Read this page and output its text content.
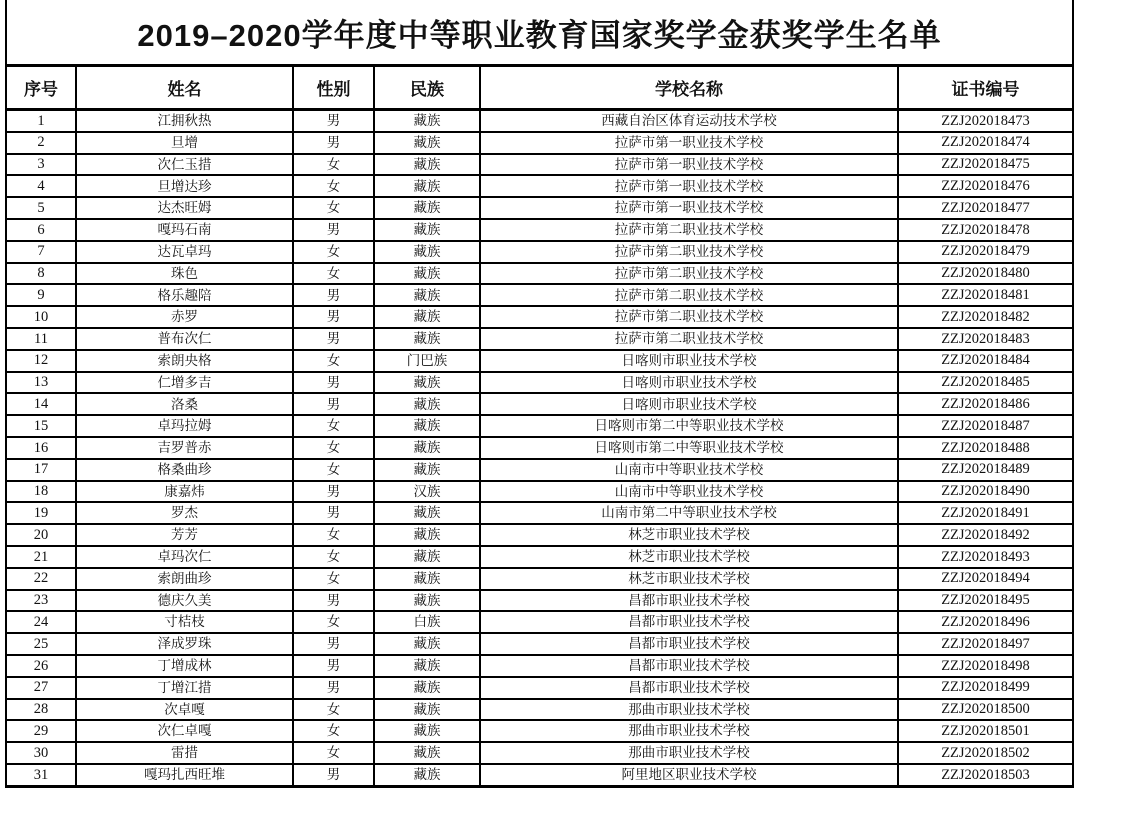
2019–2020学年度中等职业教育国家奖学金获奖学生名单					
序号	姓名	性别	民族	学校名称	证书编号
1	江拥秋热	男	藏族	西藏自治区体育运动技术学校	ZZJ202018473
2	旦增	男	藏族	拉萨市第一职业技术学校	ZZJ202018474
3	次仁玉措	女	藏族	拉萨市第一职业技术学校	ZZJ202018475
4	旦增达珍	女	藏族	拉萨市第一职业技术学校	ZZJ202018476
5	达杰旺姆	女	藏族	拉萨市第一职业技术学校	ZZJ202018477
6	嘎玛石南	男	藏族	拉萨市第二职业技术学校	ZZJ202018478
7	达瓦卓玛	女	藏族	拉萨市第二职业技术学校	ZZJ202018479
8	珠色	女	藏族	拉萨市第二职业技术学校	ZZJ202018480
9	格乐趣陪	男	藏族	拉萨市第二职业技术学校	ZZJ202018481
10	赤罗	男	藏族	拉萨市第二职业技术学校	ZZJ202018482
11	普布次仁	男	藏族	拉萨市第二职业技术学校	ZZJ202018483
12	索朗央格	女	门巴族	日喀则市职业技术学校	ZZJ202018484
13	仁增多吉	男	藏族	日喀则市职业技术学校	ZZJ202018485
14	洛桑	男	藏族	日喀则市职业技术学校	ZZJ202018486
15	卓玛拉姆	女	藏族	日喀则市第二中等职业技术学校	ZZJ202018487
16	吉罗普赤	女	藏族	日喀则市第二中等职业技术学校	ZZJ202018488
17	格桑曲珍	女	藏族	山南市中等职业技术学校	ZZJ202018489
18	康嘉炜	男	汉族	山南市中等职业技术学校	ZZJ202018490
19	罗杰	男	藏族	山南市第二中等职业技术学校	ZZJ202018491
20	芳芳	女	藏族	林芝市职业技术学校	ZZJ202018492
21	卓玛次仁	女	藏族	林芝市职业技术学校	ZZJ202018493
22	索朗曲珍	女	藏族	林芝市职业技术学校	ZZJ202018494
23	德庆久美	男	藏族	昌都市职业技术学校	ZZJ202018495
24	寸桔枝	女	白族	昌都市职业技术学校	ZZJ202018496
25	泽成罗珠	男	藏族	昌都市职业技术学校	ZZJ202018497
26	丁增成林	男	藏族	昌都市职业技术学校	ZZJ202018498
27	丁增江措	男	藏族	昌都市职业技术学校	ZZJ202018499
28	次卓嘎	女	藏族	那曲市职业技术学校	ZZJ202018500
29	次仁卓嘎	女	藏族	那曲市职业技术学校	ZZJ202018501
30	雷措	女	藏族	那曲市职业技术学校	ZZJ202018502
31	嘎玛扎西旺堆	男	藏族	阿里地区职业技术学校	ZZJ202018503
